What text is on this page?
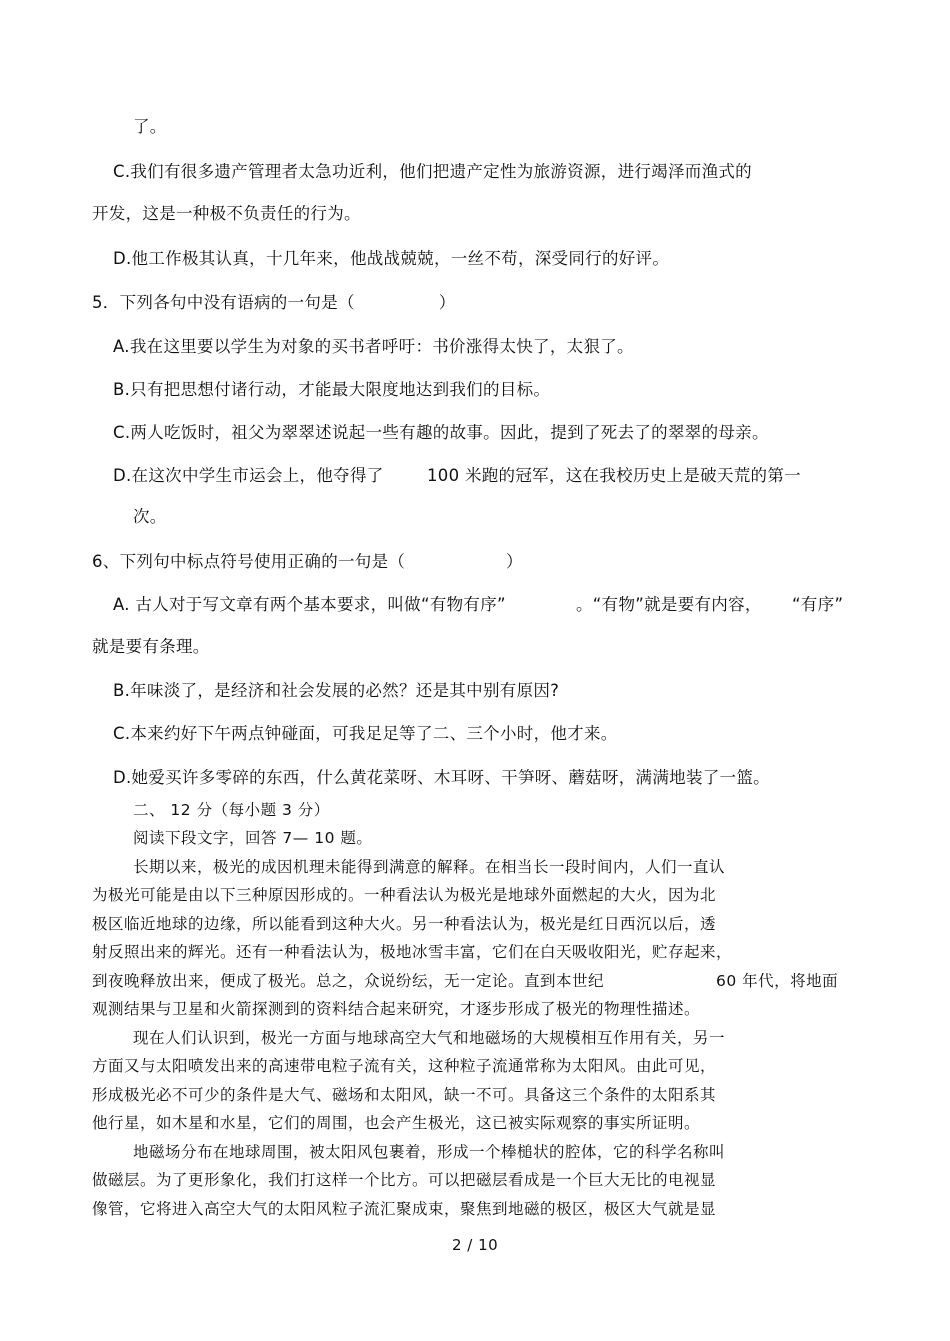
了。

C.我们有很多遗产管理者太急功近利，他们把遗产定性为旅游资源，进行竭泽而渔式的

开发，这是一种极不负责任的行为。

D.他工作极其认真，十几年来，他战战兢兢，一丝不苟，深受同行的好评。

5．下列各句中没有语病的一句是（　　　　　）

A.我在这里要以学生为对象的买书者呼吁：书价涨得太快了，太狠了。

B.只有把思想付诸行动，才能最大限度地达到我们的目标。

C.两人吃饭时，祖父为翠翠述说起一些有趣的故事。因此，提到了死去了的翠翠的母亲。

D.在这次中学生市运会上，他夺得了	100 米跑的冠军，这在我校历史上是破天荒的第一

次。

6、下列句中标点符号使用正确的一句是（　　　　　　）

A. 古人对于写文章有两个基本要求，叫做“有物有序”	。“有物”就是要有内容， “有序”

就是要有条理。

B.年味淡了，是经济和社会发展的必然？还是其中别有原因?

C.本来约好下午两点钟碰面，可我足足等了二、三个小时，他才来。

D.她爱买许多零碎的东西，什么黄花菜呀、木耳呀、干笋呀、蘑菇呀，满满地装了一篮。

二、 12 分（每小题 3 分）

阅读下段文字，回答 7— 10 题。

长期以来，极光的成因机理未能得到满意的解释。在相当长一段时间内，人们一直认

为极光可能是由以下三种原因形成的。一种看法认为极光是地球外面燃起的大火，因为北

极区临近地球的边缘，所以能看到这种大火。另一种看法认为，极光是红日西沉以后，透

射反照出来的辉光。还有一种看法认为，极地冰雪丰富，它们在白天吸收阳光，贮存起来，

到夜晚释放出来，便成了极光。总之，众说纷纭，无一定论。直到本世纪	60 年代，将地面

观测结果与卫星和火箭探测到的资料结合起来研究，才逐步形成了极光的物理性描述。

现在人们认识到，极光一方面与地球高空大气和地磁场的大规模相互作用有关，另一

方面又与太阳喷发出来的高速带电粒子流有关，这种粒子流通常称为太阳风。由此可见，

形成极光必不可少的条件是大气、磁场和太阳风，缺一不可。具备这三个条件的太阳系其

他行星，如木星和水星，它们的周围，也会产生极光，这已被实际观察的事实所证明。

地磁场分布在地球周围，被太阳风包裹着，形成一个棒槌状的腔体，它的科学名称叫

做磁层。为了更形象化，我们打这样一个比方。可以把磁层看成是一个巨大无比的电视显

像管，它将进入高空大气的太阳风粒子流汇聚成束，聚焦到地磁的极区，极区大气就是显

2 / 10
